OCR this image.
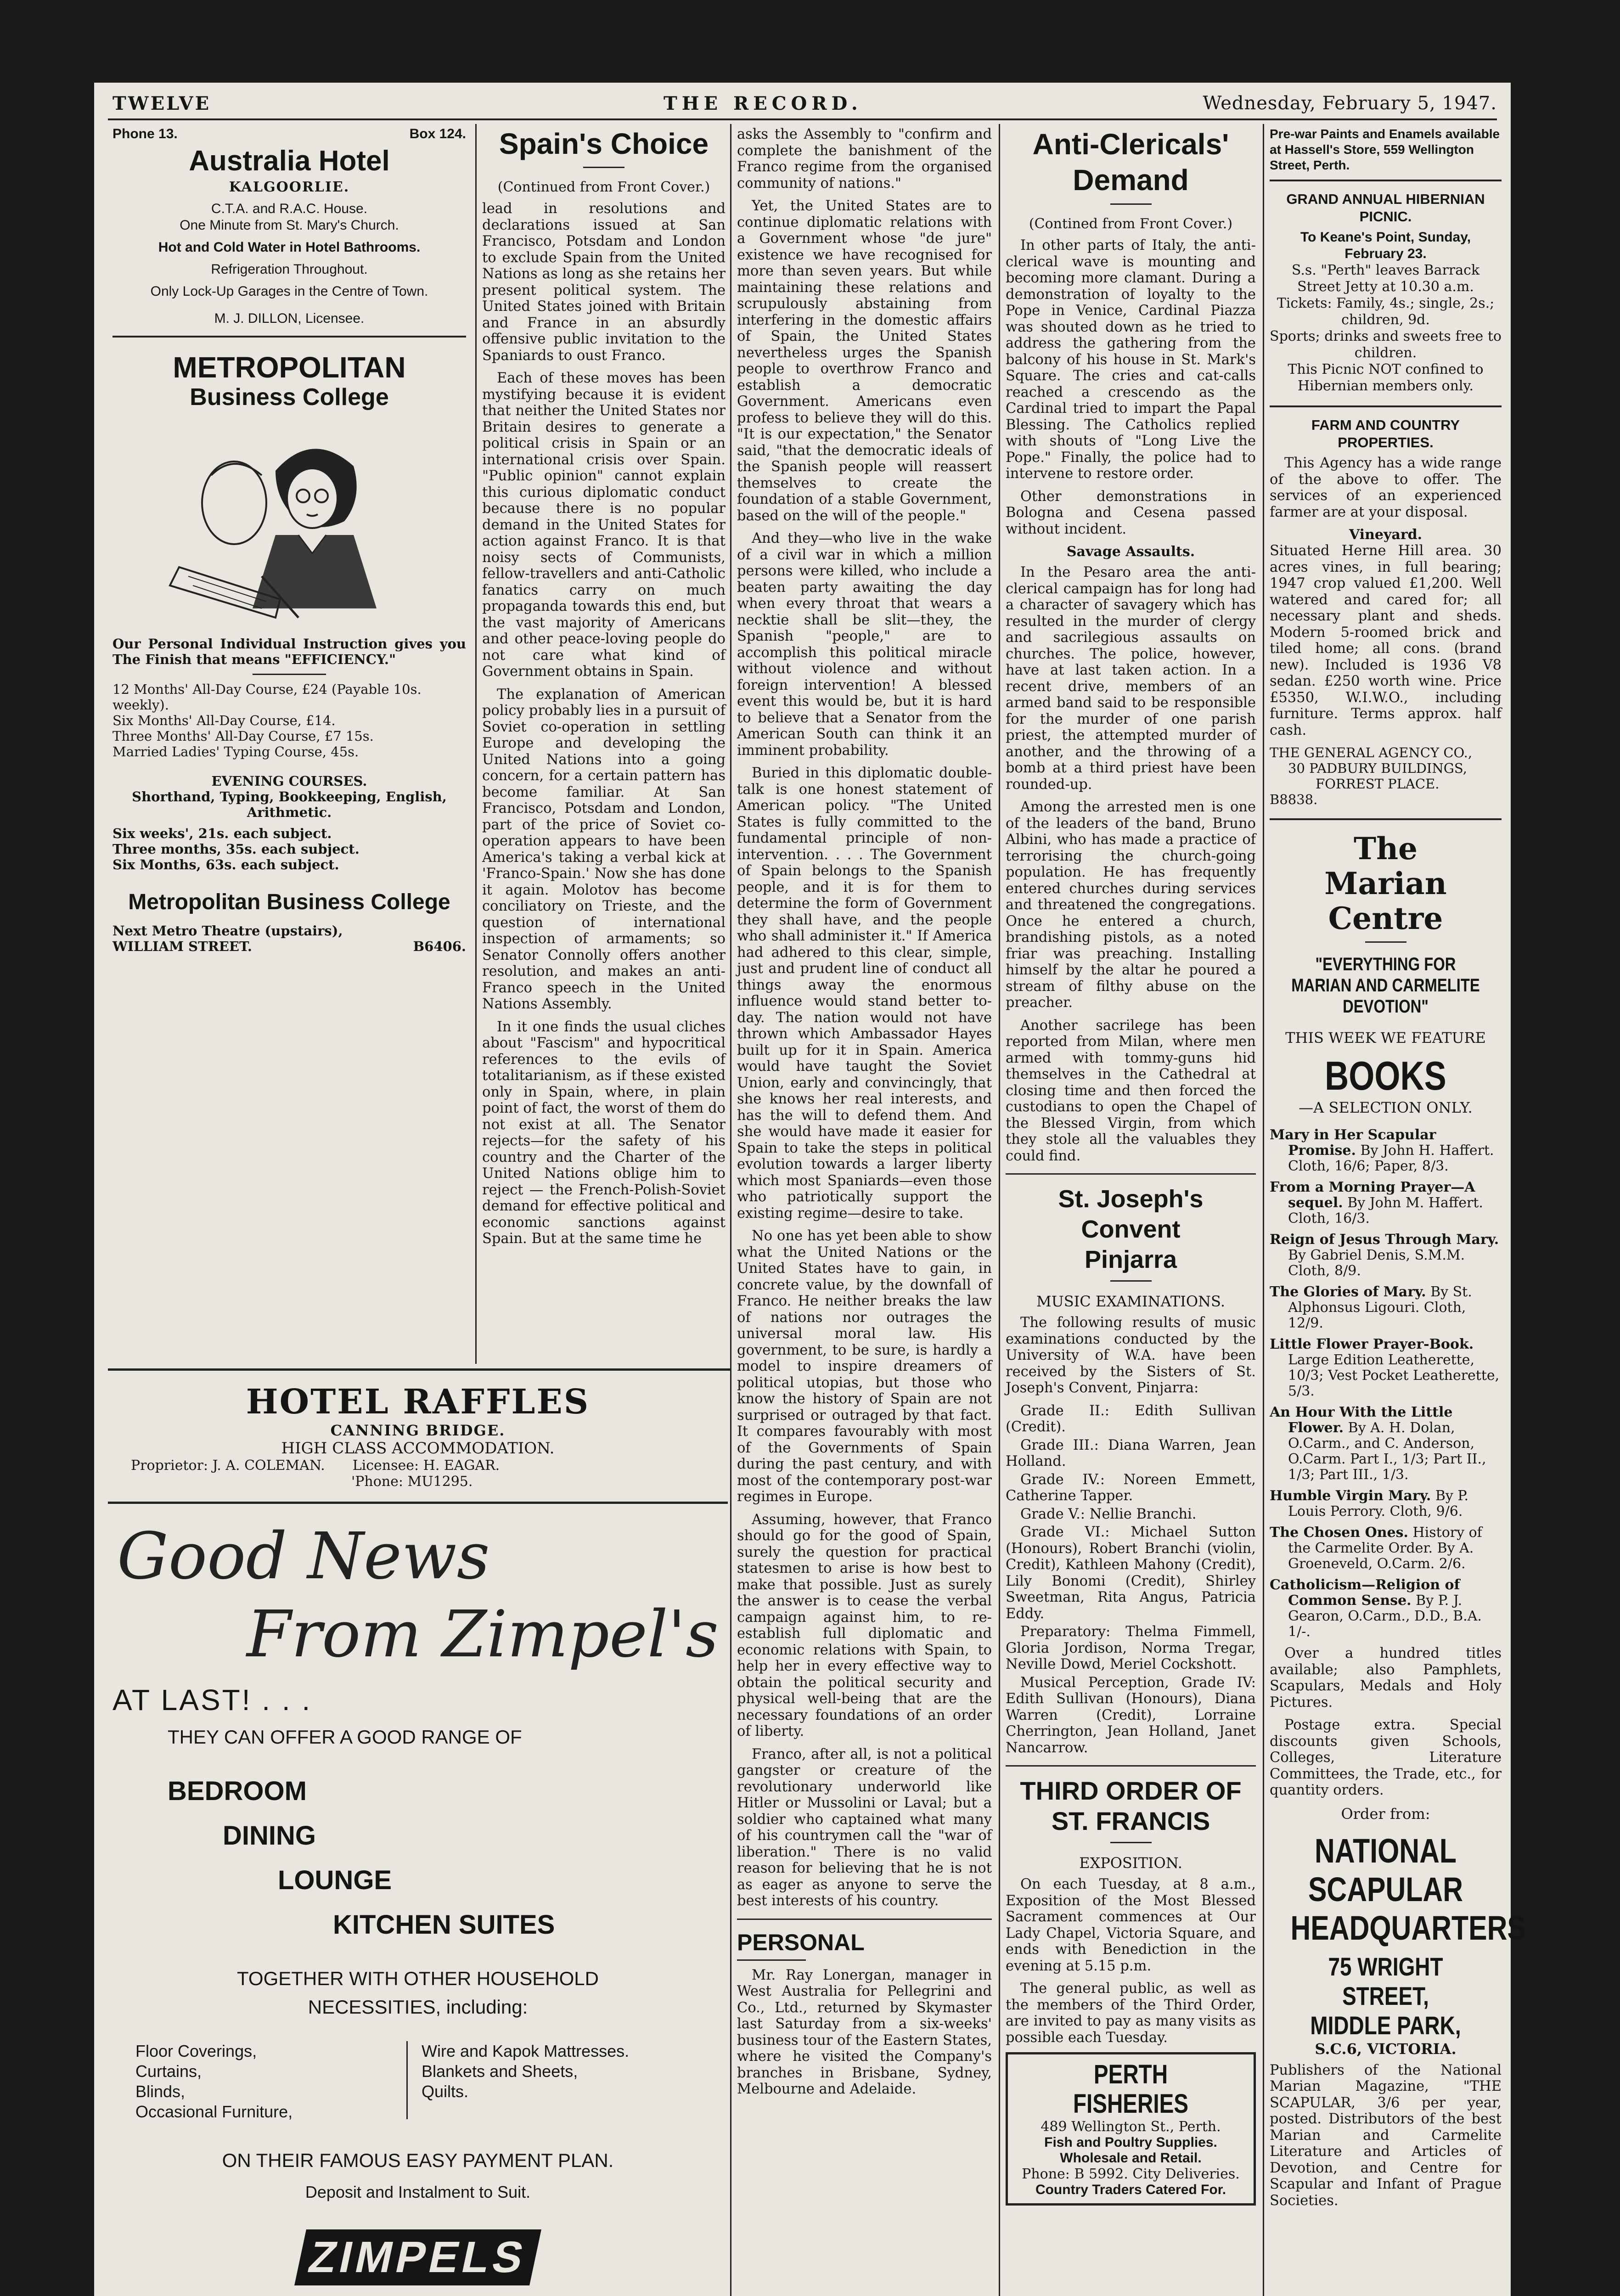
TWELVE	THE RECORD.	Wednesday, February 5, 1947.
Phone 13.	Box 124.
Australia Hotel
KALGOORLIE.
C.T.A. and R.A.C. House.
One Minute from St. Mary's Church.
Hot and Cold Water in Hotel Bathrooms.
Refrigeration Throughout.
Only Lock-Up Garages in the Centre of Town.
M. J. DILLON, Licensee.
METROPOLITAN
Business College

Our Personal Individual Instruction gives you The Finish that means "EFFICIENCY."

12 Months' All-Day Course, £24 (Payable 10s. weekly).
Six Months' All-Day Course, £14.
Three Months' All-Day Course, £7 15s.
Married Ladies' Typing Course, 45s.
EVENING COURSES.
Shorthand, Typing, Bookkeeping, English, Arithmetic.
Six weeks', 21s. each subject.
Three months, 35s. each subject.
Six Months, 63s. each subject.
Metropolitan Business College
Next Metro Theatre (upstairs),
WILLIAM STREET.	B6406.
Spain's Choice
(Continued from Front Cover.)

lead in resolutions and declarations issued at San Francisco, Potsdam and London to exclude Spain from the United Nations as long as she retains her present political system. The United States joined with Britain and France in an absurdly offensive public invitation to the Spaniards to oust Franco.

Each of these moves has been mystifying because it is evident that neither the United States nor Britain desires to generate a political crisis in Spain or an international crisis over Spain. "Public opinion" cannot explain this curious diplomatic conduct because there is no popular demand in the United States for action against Franco. It is that noisy sects of Communists, fellow-travellers and anti-Catholic fanatics carry on much propaganda towards this end, but the vast majority of Americans and other peace-loving people do not care what kind of Government obtains in Spain.

The explanation of American policy probably lies in a pursuit of Soviet co-operation in settling Europe and developing the United Nations into a going concern, for a certain pattern has become familiar. At San Francisco, Potsdam and London, part of the price of Soviet co-operation appears to have been America's taking a verbal kick at 'Franco-Spain.' Now she has done it again. Molotov has become conciliatory on Trieste, and the question of international inspection of armaments; so Senator Connolly offers another resolution, and makes an anti-Franco speech in the United Nations Assembly.

In it one finds the usual cliches about "Fascism" and hypocritical references to the evils of totalitarianism, as if these existed only in Spain, where, in plain point of fact, the worst of them do not exist at all. The Senator rejects—for the safety of his country and the Charter of the United Nations oblige him to reject — the French-Polish-Soviet demand for effective political and economic sanctions against Spain. But at the same time he

asks the Assembly to "confirm and complete the banishment of the Franco regime from the organised community of nations."

Yet, the United States are to continue diplomatic relations with a Government whose "de jure" existence we have recognised for more than seven years. But while maintaining these relations and scrupulously abstaining from interfering in the domestic affairs of Spain, the United States nevertheless urges the Spanish people to overthrow Franco and establish a democratic Government. Americans even profess to believe they will do this. "It is our expectation," the Senator said, "that the democratic ideals of the Spanish people will reassert themselves to create the foundation of a stable Government, based on the will of the people."

And they—who live in the wake of a civil war in which a million persons were killed, who include a beaten party awaiting the day when every throat that wears a necktie shall be slit—they, the Spanish "people," are to accomplish this political miracle without violence and without foreign intervention! A blessed event this would be, but it is hard to believe that a Senator from the American South can think it an imminent probability.

Buried in this diplomatic double-talk is one honest statement of American policy. "The United States is fully committed to the fundamental principle of non-intervention. . . . The Government of Spain belongs to the Spanish people, and it is for them to determine the form of Government they shall have, and the people who shall administer it." If America had adhered to this clear, simple, just and prudent line of conduct all things away the enormous influence would stand better to-day. The nation would not have thrown which Ambassador Hayes built up for it in Spain. America would have taught the Soviet Union, early and convincingly, that she knows her real interests, and has the will to defend them. And she would have made it easier for Spain to take the steps in political evolution towards a larger liberty which most Spaniards—even those who patriotically support the existing regime—desire to take.

No one has yet been able to show what the United Nations or the United States have to gain, in concrete value, by the downfall of Franco. He neither breaks the law of nations nor outrages the universal moral law. His government, to be sure, is hardly a model to inspire dreamers of political utopias, but those who know the history of Spain are not surprised or outraged by that fact. It compares favourably with most of the Governments of Spain during the past century, and with most of the contemporary post-war regimes in Europe.

Assuming, however, that Franco should go for the good of Spain, surely the question for practical statesmen to arise is how best to make that possible. Just as surely the answer is to cease the verbal campaign against him, to re-establish full diplomatic and economic relations with Spain, to help her in every effective way to obtain the political security and physical well-being that are the necessary foundations of an order of liberty.

Franco, after all, is not a political gangster or creature of the revolutionary underworld like Hitler or Mussolini or Laval; but a soldier who captained what many of his countrymen call the "war of liberation." There is no valid reason for believing that he is not as eager as anyone to serve the best interests of his country.

PERSONAL

Mr. Ray Lonergan, manager in West Australia for Pellegrini and Co., Ltd., returned by Skymaster last Saturday from a six-weeks' business tour of the Eastern States, where he visited the Company's branches in Brisbane, Sydney, Melbourne and Adelaide.

Anti-Clericals' Demand
(Contined from Front Cover.)

In other parts of Italy, the anti-clerical wave is mounting and becoming more clamant. During a demonstration of loyalty to the Pope in Venice, Cardinal Piazza was shouted down as he tried to address the gathering from the balcony of his house in St. Mark's Square. The cries and cat-calls reached a crescendo as the Cardinal tried to impart the Papal Blessing. The Catholics replied with shouts of "Long Live the Pope." Finally, the police had to intervene to restore order.

Other demonstrations in Bologna and Cesena passed without incident.

Savage Assaults.

In the Pesaro area the anti-clerical campaign has for long had a character of savagery which has resulted in the murder of clergy and sacrilegious assaults on churches. The police, however, have at last taken action. In a recent drive, members of an armed band said to be responsible for the murder of one parish priest, the attempted murder of another, and the throwing of a bomb at a third priest have been rounded-up.

Among the arrested men is one of the leaders of the band, Bruno Albini, who has made a practice of terrorising the church-going population. He has frequently entered churches during services and threatened the congregations. Once he entered a church, brandishing pistols, as a noted friar was preaching. Installing himself by the altar he poured a stream of filthy abuse on the preacher.

Another sacrilege has been reported from Milan, where men armed with tommy-guns hid themselves in the Cathedral at closing time and then forced the custodians to open the Chapel of the Blessed Virgin, from which they stole all the valuables they could find.

St. Joseph's Convent
Pinjarra
MUSIC EXAMINATIONS.

The following results of music examinations conducted by the University of W.A. have been received by the Sisters of St. Joseph's Convent, Pinjarra:

Grade II.: Edith Sullivan (Credit).

Grade III.: Diana Warren, Jean Holland.

Grade IV.: Noreen Emmett, Catherine Tapper.

Grade V.: Nellie Branchi.

Grade VI.: Michael Sutton (Honours), Robert Branchi (violin, Credit), Kathleen Mahony (Credit), Lily Bonomi (Credit), Shirley Sweetman, Rita Angus, Patricia Eddy.

Preparatory: Thelma Fimmell, Gloria Jordison, Norma Tregar, Neville Dowd, Meriel Cockshott.

Musical Perception, Grade IV: Edith Sullivan (Honours), Diana Warren (Credit), Lorraine Cherrington, Jean Holland, Janet Nancarrow.

THIRD ORDER OF
ST. FRANCIS
EXPOSITION.

On each Tuesday, at 8 a.m., Exposition of the Most Blessed Sacrament commences at Our Lady Chapel, Victoria Square, and ends with Benediction in the evening at 5.15 p.m.

The general public, as well as the members of the Third Order, are invited to pay as many visits as possible each Tuesday.

PERTH FISHERIES
489 Wellington St., Perth.
Fish and Poultry Supplies.
Wholesale and Retail.
Phone: B 5992. City Deliveries.
Country Traders Catered For.

Pre-war Paints and Enamels available at Hassell's Store, 559 Wellington Street, Perth.

GRAND ANNUAL HIBERNIAN PICNIC.
To Keane's Point, Sunday, February 23.
S.s. "Perth" leaves Barrack Street Jetty at 10.30 a.m.
Tickets: Family, 4s.; single, 2s.; children, 9d.
Sports; drinks and sweets free to children.
This Picnic NOT confined to Hibernian members only.
FARM AND COUNTRY PROPERTIES.

This Agency has a wide range of the above to offer. The services of an experienced farmer are at your disposal.

Vineyard.

Situated Herne Hill area. 30 acres vines, in full bearing; 1947 crop valued £1,200. Well watered and cared for; all necessary plant and sheds. Modern 5-roomed brick and tiled home; all cons. (brand new). Included is 1936 V8 sedan. £250 worth wine. Price £5350, W.I.W.O., including furniture. Terms approx. half cash.

THE GENERAL AGENCY CO.,
30 PADBURY BUILDINGS,
FORREST PLACE.
B8838.
The
Marian Centre
"EVERYTHING FOR MARIAN AND CARMELITE DEVOTION"
THIS WEEK WE FEATURE
BOOKS
—A SELECTION ONLY.

Mary in Her Scapular Promise. By John H. Haffert. Cloth, 16/6; Paper, 8/3.

From a Morning Prayer—A sequel. By John M. Haffert. Cloth, 16/3.

Reign of Jesus Through Mary. By Gabriel Denis, S.M.M. Cloth, 8/9.

The Glories of Mary. By St. Alphonsus Ligouri. Cloth, 12/9.

Little Flower Prayer-Book. Large Edition Leatherette, 10/3; Vest Pocket Leatherette, 5/3.

An Hour With the Little Flower. By A. H. Dolan, O.Carm., and C. Anderson, O.Carm. Part I., 1/3; Part II., 1/3; Part III., 1/3.

Humble Virgin Mary. By P. Louis Perrory. Cloth, 9/6.

The Chosen Ones. History of the Carmelite Order. By A. Groeneveld, O.Carm. 2/6.

Catholicism—Religion of Common Sense. By P. J. Gearon, O.Carm., D.D., B.A. 1/-.

Over a hundred titles available; also Pamphlets, Scapulars, Medals and Holy Pictures.

Postage extra. Special discounts given Schools, Colleges, Literature Committees, the Trade, etc., for quantity orders.

Order from:
NATIONAL SCAPULAR
HEADQUARTERS
75 WRIGHT STREET,
MIDDLE PARK,
S.C.6, VICTORIA.

Publishers of the National Marian Magazine, "THE SCAPULAR, 3/6 per year, posted. Distributors of the best Marian and Carmelite Literature and Articles of Devotion, and Centre for Scapular and Infant of Prague Societies.

HOTEL RAFFLES
CANNING BRIDGE.
HIGH CLASS ACCOMMODATION.
Proprietor: J. A. COLEMAN. Licensee: H. EAGAR.
'Phone: MU1295.
Good News
From Zimpel's
AT LAST! . . .
THEY CAN OFFER A GOOD RANGE OF
BEDROOM
DINING
LOUNGE
KITCHEN SUITES
TOGETHER WITH OTHER HOUSEHOLD
NECESSITIES, including:
Floor Coverings,
Curtains,
Blinds,
Occasional Furniture,
Wire and Kapok Mattresses.
Blankets and Sheets,
Quilts.
ON THEIR FAMOUS EASY PAYMENT PLAN.
Deposit and Instalment to Suit.
ZIMPELS
